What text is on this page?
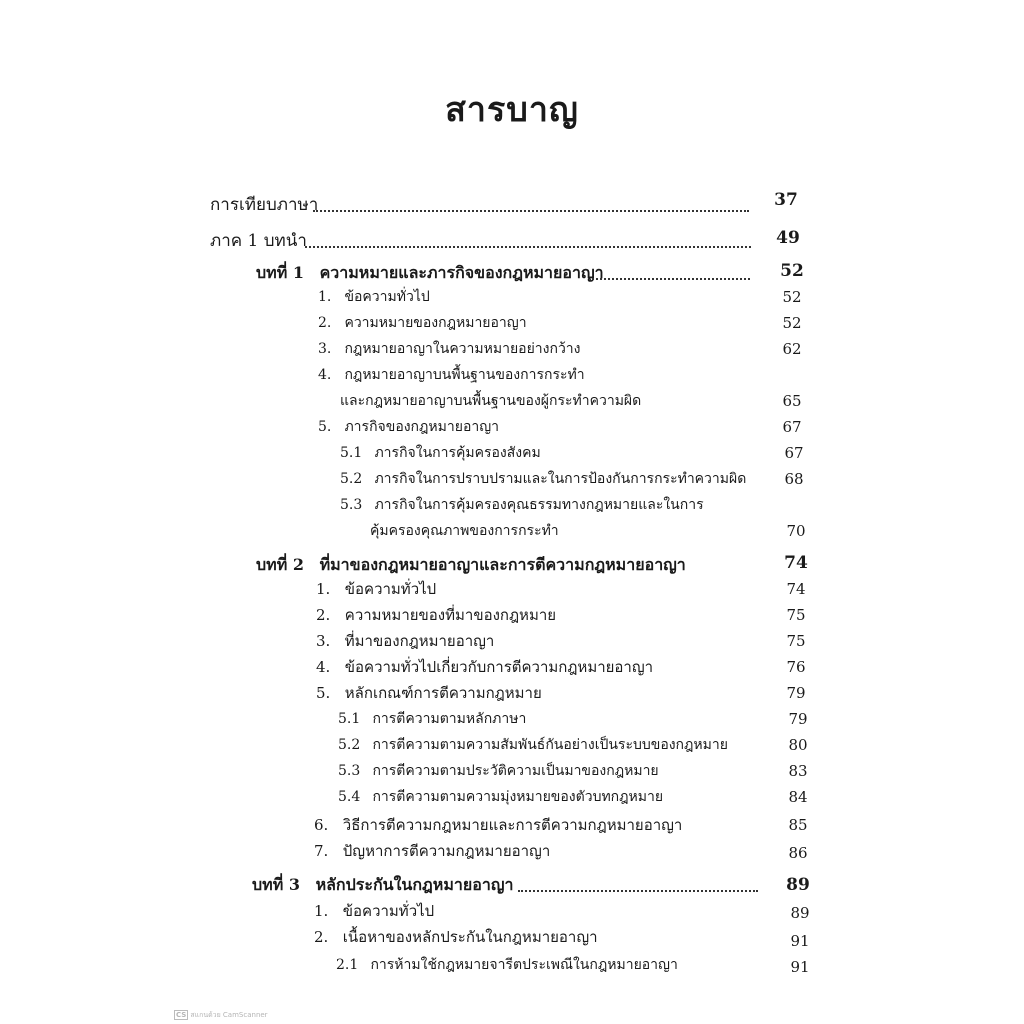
สารบาญ
การเทียบภาษา	37
ภาค 1 บทนำ	49
บทที่ 1 ความหมายและภารกิจของกฎหมายอาญา	52
1. ข้อความทั่วไป	52
2. ความหมายของกฎหมายอาญา	52
3. กฎหมายอาญาในความหมายอย่างกว้าง	62
4. กฎหมายอาญาบนพื้นฐานของการกระทำ
และกฎหมายอาญาบนพื้นฐานของผู้กระทำความผิด	65
5. ภารกิจของกฎหมายอาญา	67
5.1 ภารกิจในการคุ้มครองสังคม	67
5.2 ภารกิจในการปราบปรามและในการป้องกันการกระทำความผิด	68
5.3 ภารกิจในการคุ้มครองคุณธรรมทางกฎหมายและในการ
คุ้มครองคุณภาพของการกระทำ	70
บทที่ 2 ที่มาของกฎหมายอาญาและการตีความกฎหมายอาญา	74
1. ข้อความทั่วไป	74
2. ความหมายของที่มาของกฎหมาย	75
3. ที่มาของกฎหมายอาญา	75
4. ข้อความทั่วไปเกี่ยวกับการตีความกฎหมายอาญา	76
5. หลักเกณฑ์การตีความกฎหมาย	79
5.1 การตีความตามหลักภาษา	79
5.2 การตีความตามความสัมพันธ์กันอย่างเป็นระบบของกฎหมาย	80
5.3 การตีความตามประวัติความเป็นมาของกฎหมาย	83
5.4 การตีความตามความมุ่งหมายของตัวบทกฎหมาย	84
6. วิธีการตีความกฎหมายและการตีความกฎหมายอาญา	85
7. ปัญหาการตีความกฎหมายอาญา	86
บทที่ 3 หลักประกันในกฎหมายอาญา	89
1. ข้อความทั่วไป	89
2. เนื้อหาของหลักประกันในกฎหมายอาญา	91
2.1 การห้ามใช้กฎหมายจารีตประเพณีในกฎหมายอาญา	91
CS สแกนด้วย CamScanner
